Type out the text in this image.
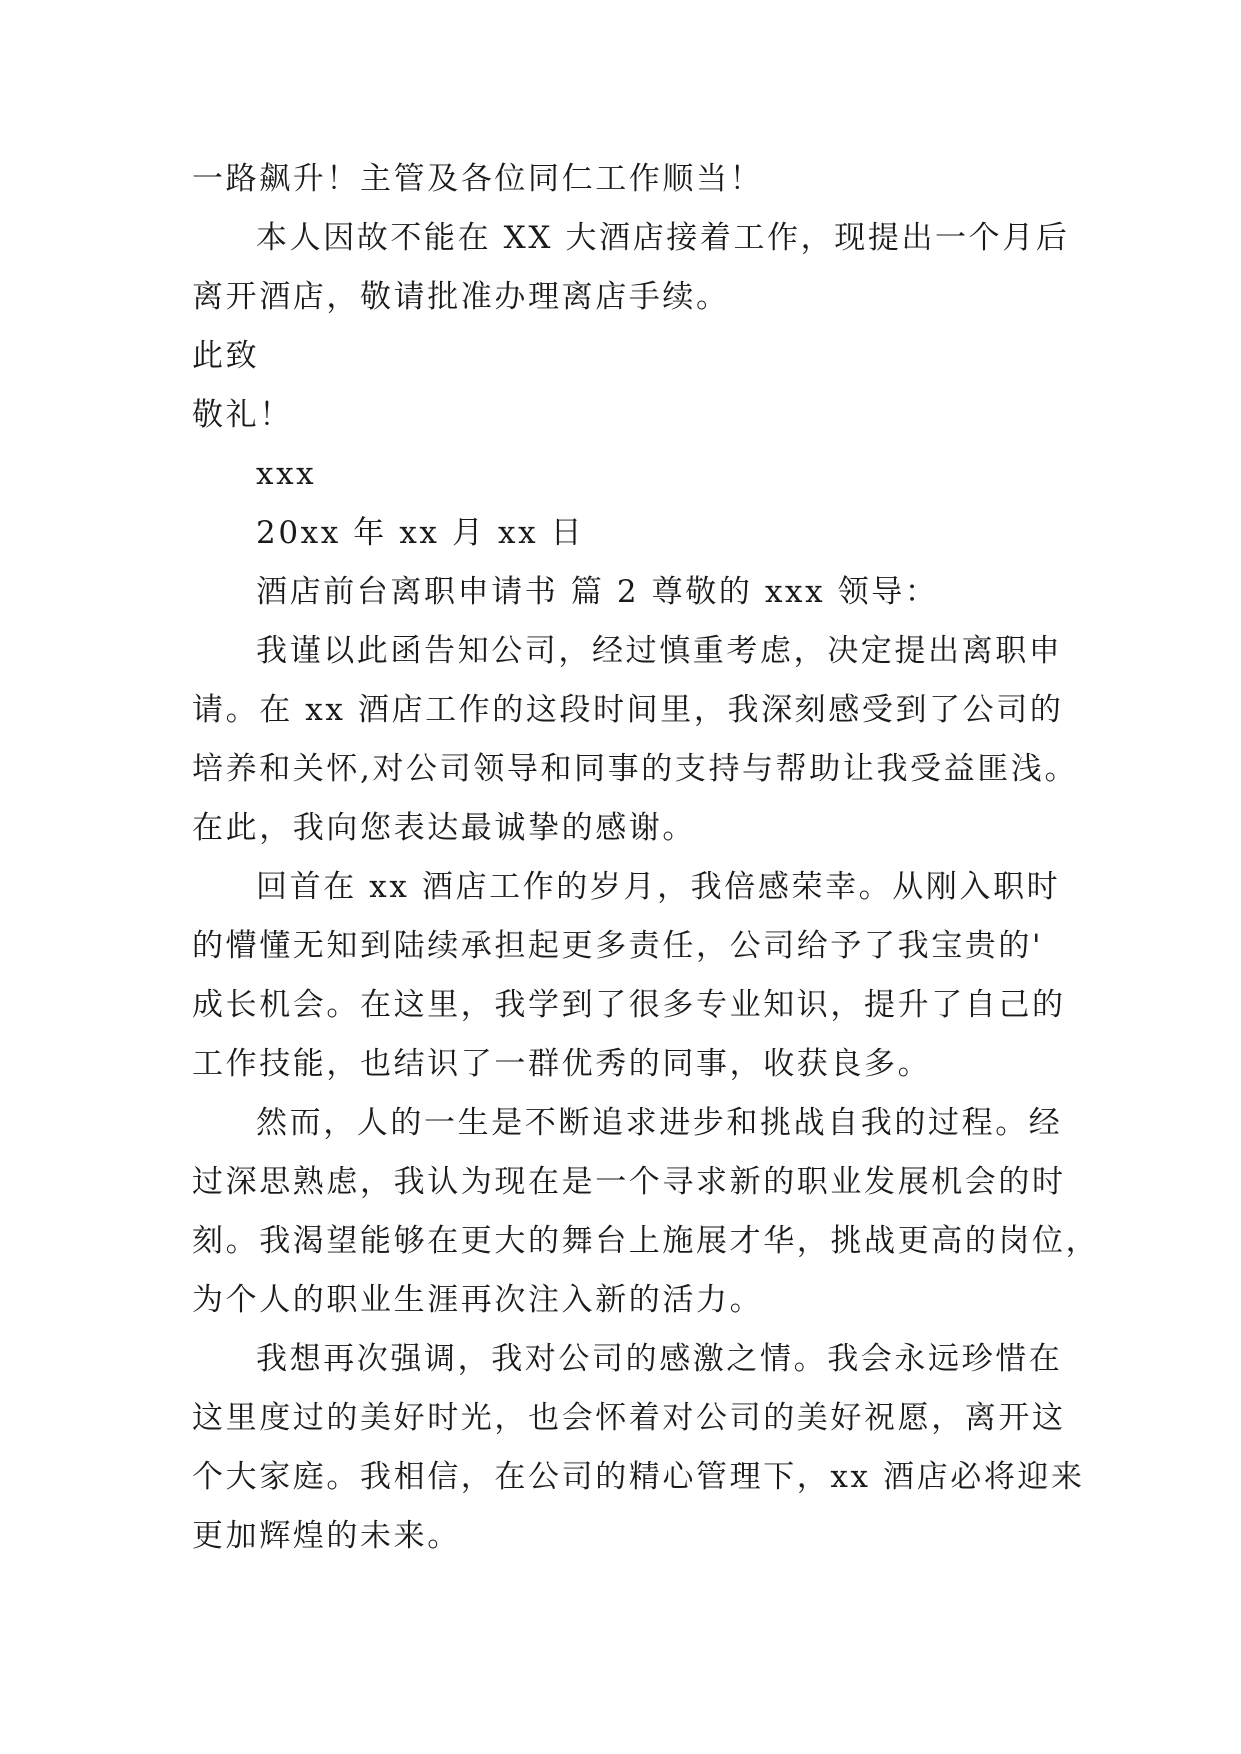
一路飙升！主管及各位同仁工作顺当！
本人因故不能在 XX 大酒店接着工作，现提出一个月后
离开酒店，敬请批准办理离店手续。
此致
敬礼！
xxx
20xx 年 xx 月 xx 日
酒店前台离职申请书 篇 2 尊敬的 xxx 领导：
我谨以此函告知公司，经过慎重考虑，决定提出离职申
请。在 xx 酒店工作的这段时间里，我深刻感受到了公司的
培养和关怀,对公司领导和同事的支持与帮助让我受益匪浅。
在此，我向您表达最诚挚的感谢。
回首在 xx 酒店工作的岁月，我倍感荣幸。从刚入职时
的懵懂无知到陆续承担起更多责任，公司给予了我宝贵的'
成长机会。在这里，我学到了很多专业知识，提升了自己的
工作技能，也结识了一群优秀的同事，收获良多。
然而，人的一生是不断追求进步和挑战自我的过程。经
过深思熟虑，我认为现在是一个寻求新的职业发展机会的时
刻。我渴望能够在更大的舞台上施展才华，挑战更高的岗位，
为个人的职业生涯再次注入新的活力。
我想再次强调，我对公司的感激之情。我会永远珍惜在
这里度过的美好时光，也会怀着对公司的美好祝愿，离开这
个大家庭。我相信，在公司的精心管理下，xx 酒店必将迎来
更加辉煌的未来。
